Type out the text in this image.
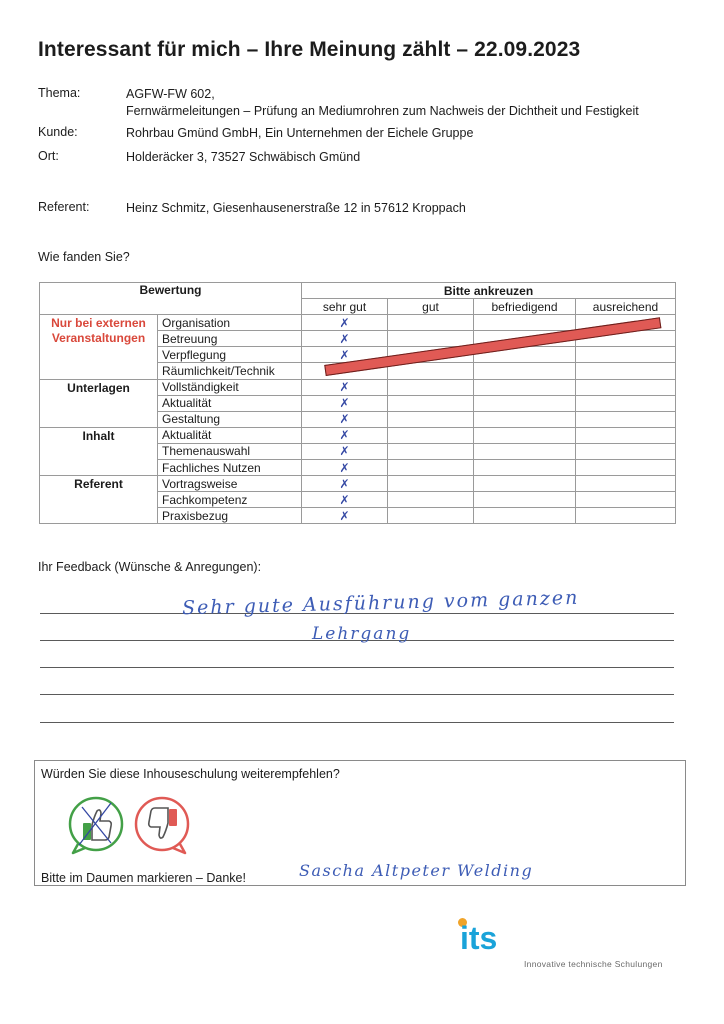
Interessant für mich – Ihre Meinung zählt – 22.09.2023
Thema:	AGFW-FW 602,
Fernwärmeleitungen – Prüfung an Mediumrohren zum Nachweis der Dichtheit und Festigkeit
Kunde:	Rohrbau Gmünd GmbH, Ein Unternehmen der Eichele Gruppe
Ort:	Holderäcker 3, 73527 Schwäbisch Gmünd
Referent:	Heinz Schmitz, Giesenhausenerstraße 12 in 57612 Kroppach
Wie fanden Sie?
Bewertung		Bitte ankreuzen			
		sehr gut	gut	befriedigend	ausreichend

Nur bei externen Veranstaltungen	Organisation	✗			
	Betreuung	✗			
	Verpflegung	✗			
	Räumlichkeit/Technik				
Unterlagen	Vollständigkeit	✗			
	Aktualität	✗			
	Gestaltung	✗			
Inhalt	Aktualität	✗			
	Themenauswahl	✗			
	Fachliches Nutzen	✗			
Referent	Vortragsweise	✗			
	Fachkompetenz	✗			
	Praxisbezug	✗			
Ihr Feedback (Wünsche & Anregungen):
Sehr gute Ausführung vom ganzen
Lehrgang
Würden Sie diese Inhouseschulung weiterempfehlen?
Bitte im Daumen markieren – Danke!	Sascha Altpeter Welding
its
Innovative technische Schulungen
